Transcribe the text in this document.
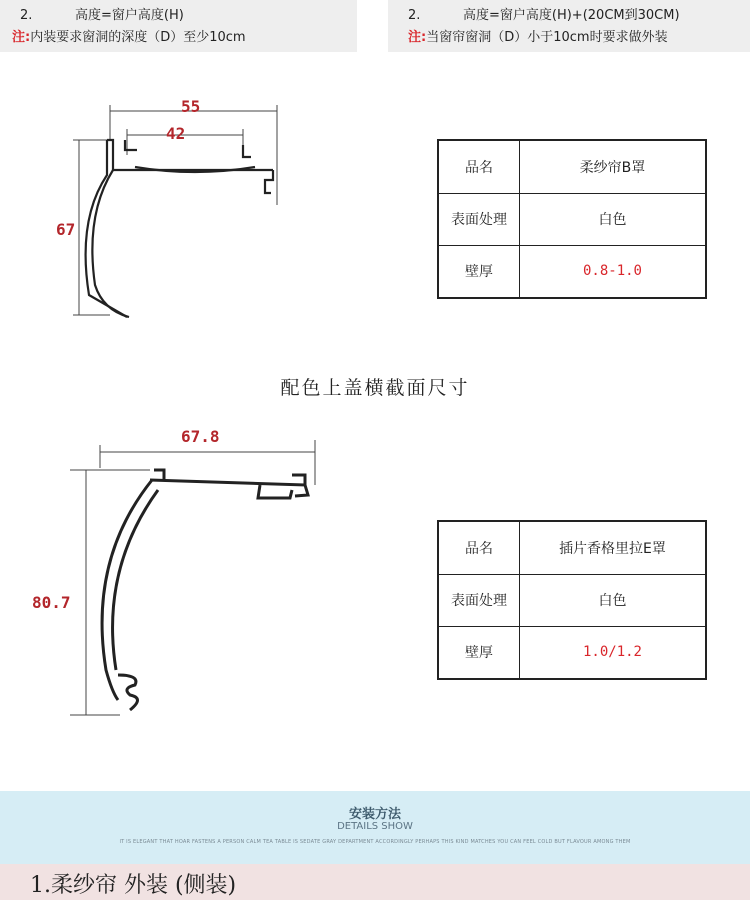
2.	高度=窗户高度(H)
注:内装要求窗洞的深度（D）至少10cm
2.	高度=窗户高度(H)+(20CM到30CM)
注:当窗帘窗洞（D）小于10cm时要求做外装
55
42
67
品名	柔纱帘B罩
表面处理	白色
壁厚	0.8-1.0
配色上盖横截面尺寸
67.8
80.7
品名	插片香格里拉E罩
表面处理	白色
壁厚	1.0/1.2
安装方法
DETAILS SHOW
IT IS ELEGANT THAT HOAR FASTENS A PERSON CALM TEA TABLE IS SEDATE GRAY DEPARTMENT ACCORDINGLY PERHAPS THIS KIND MATCHES YOU CAN FEEL COLD BUT FLAVOUR AMONG THEM
1.柔纱帘 外装 (侧装)
